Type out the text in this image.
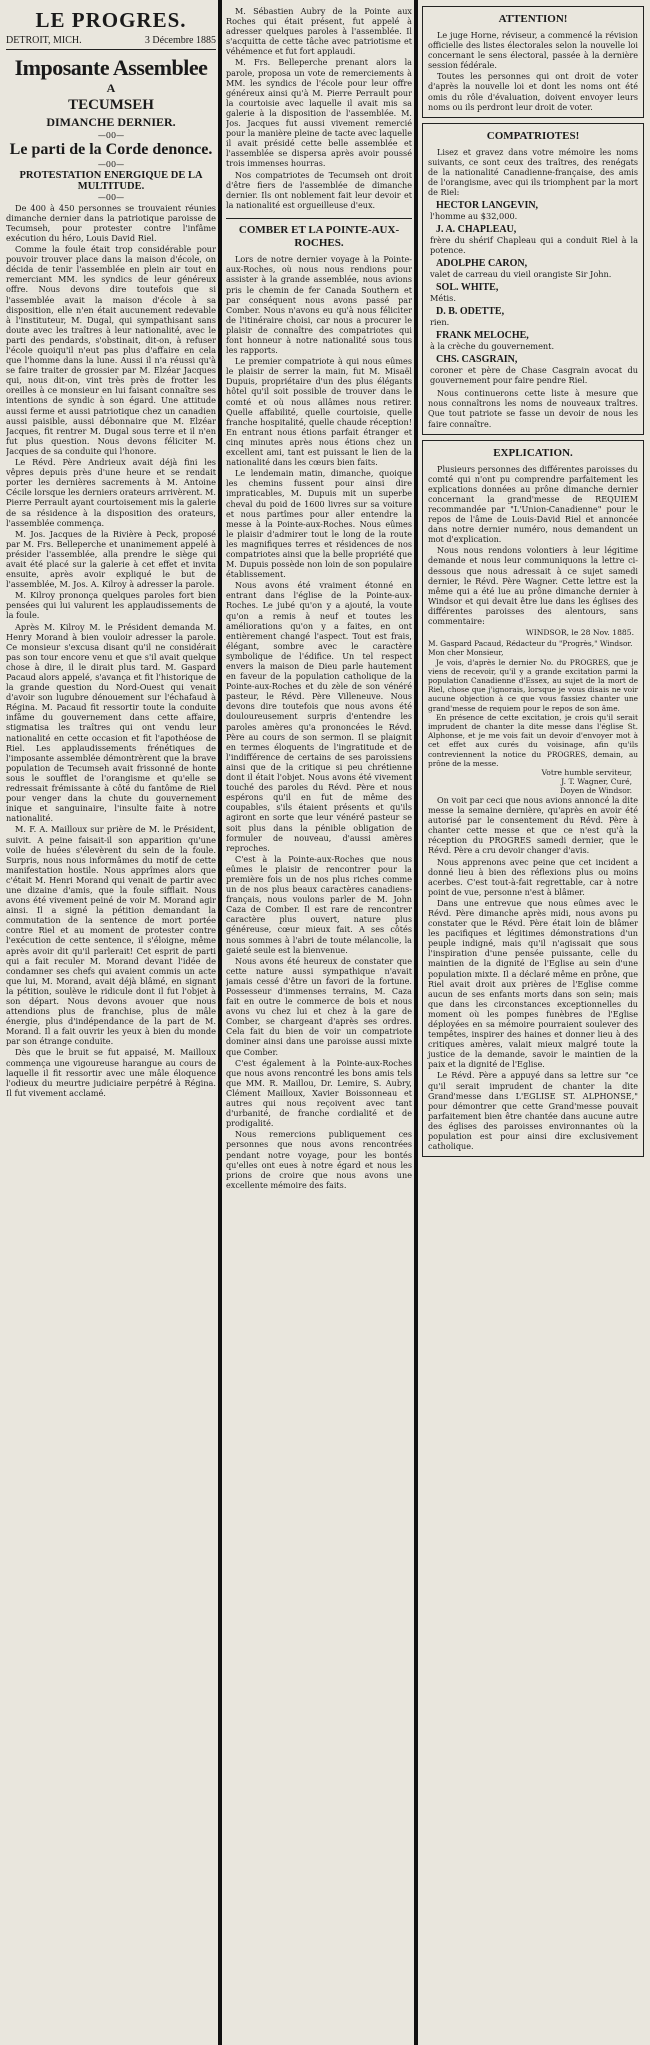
LE PROGRES.
DETROIT, MICH.	3 Décembre 1885
Imposante Assemblee
A
TECUMSEH
DIMANCHE DERNIER.
—00—
Le parti de la Corde denonce.
—00—
PROTESTATION ENERGIQUE DE LA MULTITUDE.
—00—

De 400 à 450 personnes se trouvaient réunies dimanche dernier dans la patriotique paroisse de Tecumseh, pour protester contre l'infâme exécution du héro, Louis David Riel.

Comme la foule était trop considérable pour pouvoir trouver place dans la maison d'école, on décida de tenir l'assemblée en plein air tout en remerciant MM. les syndics de leur généreux offre. Nous devons dire toutefois que si l'assemblée avait la maison d'école à sa disposition, elle n'en était aucunement redevable à l'instituteur, M. Dugal, qui sympathisant sans doute avec les traîtres à leur nationalité, avec le parti des pendards, s'obstinait, dit-on, à refuser l'école quoiqu'il n'eut pas plus d'affaire en cela que l'homme dans la lune. Aussi il n'a réussi qu'à se faire traiter de grossier par M. Elzéar Jacques qui, nous dit-on, vint très près de frotter les oreilles à ce monsieur en lui faisant connaître ses intentions de syndic à son égard. Une attitude aussi ferme et aussi patriotique chez un canadien aussi paisible, aussi débonnaire que M. Elzéar Jacques, fit rentrer M. Dugal sous terre et il n'en fut plus question. Nous devons féliciter M. Jacques de sa conduite qui l'honore.

Le Révd. Père Andrieux avait déjà fini les vêpres depuis près d'une heure et se rendait porter les dernières sacrements à M. Antoine Cécile lorsque les derniers orateurs arrivèrent. M. Pierre Perrault ayant courtoisement mis la galerie de sa résidence à la disposition des orateurs, l'assemblée commença.

M. Jos. Jacques de la Rivière à Peck, proposé par M. Frs. Belleperche et unanimement appelé à présider l'assemblée, alla prendre le siège qui avait été placé sur la galerie à cet effet et invita ensuite, après avoir expliqué le but de l'assemblée, M. Jos. A. Kilroy à adresser la parole.

M. Kilroy prononça quelques paroles fort bien pensées qui lui valurent les applaudissements de la foule.

Après M. Kilroy M. le Président demanda M. Henry Morand à bien vouloir adresser la parole. Ce monsieur s'excusa disant qu'il ne considérait pas son tour encore venu et que s'il avait quelque chose à dire, il le dirait plus tard. M. Gaspard Pacaud alors appelé, s'avança et fit l'historique de la grande question du Nord-Ouest qui venait d'avoir son lugubre dénouement sur l'échafaud à Régina. M. Pacaud fit ressortir toute la conduite infâme du gouvernement dans cette affaire, stigmatisa les traîtres qui ont vendu leur nationalité en cette occasion et fit l'apothéose de Riel. Les applaudissements frénétiques de l'imposante assemblée démontrèrent que la brave population de Tecumseh avait frissonné de honte sous le soufflet de l'orangisme et qu'elle se redressait frémissante à côté du fantôme de Riel pour venger dans la chute du gouvernement inique et sanguinaire, l'insulte faite à notre nationalité.

M. F. A. Mailloux sur prière de M. le Président, suivit. A peine faisait-il son apparition qu'une voile de huées s'élevèrent du sein de la foule. Surpris, nous nous informâmes du motif de cette manifestation hostile. Nous apprîmes alors que c'était M. Henri Morand qui venait de partir avec une dizaine d'amis, que la foule sifflait. Nous avons été vivement peiné de voir M. Morand agir ainsi. Il a signé la pétition demandant la commutation de la sentence de mort portée contre Riel et au moment de protester contre l'exécution de cette sentence, il s'éloigne, même après avoir dit qu'il parlerait! Cet esprit de parti qui a fait reculer M. Morand devant l'idée de condamner ses chefs qui avaient commis un acte que lui, M. Morand, avait déjà blâmé, en signant la pétition, soulève le ridicule dont il fut l'objet à son départ. Nous devons avouer que nous attendions plus de franchise, plus de mâle énergie, plus d'indépendance de la part de M. Morand. Il a fait ouvrir les yeux à bien du monde par son étrange conduite.

Dès que le bruit se fut appaisé, M. Mailloux commença une vigoureuse harangue au cours de laquelle il fit ressortir avec une mâle éloquence l'odieux du meurtre judiciaire perpétré à Régina. Il fut vivement acclamé.

M. Sébastien Aubry de la Pointe aux Roches qui était présent, fut appelé à adresser quelques paroles à l'assemblée. Il s'acquitta de cette tâche avec patriotisme et véhémence et fut fort applaudi.

M. Frs. Belleperche prenant alors la parole, proposa un vote de remerciements à MM. les syndics de l'école pour leur offre généreux ainsi qu'à M. Pierre Perrault pour la courtoisie avec laquelle il avait mis sa galerie à la disposition de l'assemblée. M. Jos. Jacques fut aussi vivement remercié pour la manière pleine de tacte avec laquelle il avait présidé cette belle assemblée et l'assemblée se dispersa après avoir poussé trois immenses hourras.

Nos compatriotes de Tecumseh ont droit d'être fiers de l'assemblée de dimanche dernier. Ils ont noblement fait leur devoir et la nationalité est orgueilleuse d'eux.

COMBER ET LA POINTE-AUX-ROCHES.

Lors de notre dernier voyage à la Pointe-aux-Roches, où nous nous rendions pour assister à la grande assemblée, nous avions pris le chemin de fer Canada Southern et par conséquent nous avons passé par Comber. Nous n'avons eu qu'à nous féliciter de l'itinéraire choisi, car nous a procurer le plaisir de connaître des compatriotes qui font honneur à notre nationalité sous tous les rapports.

Le premier compatriote à qui nous eûmes le plaisir de serrer la main, fut M. Misaël Dupuis, propriétaire d'un des plus élégants hôtel qu'il soit possible de trouver dans le comté et où nous allâmes nous retirer. Quelle affabilité, quelle courtoisie, quelle franche hospitalité, quelle chaude réception! En entrant nous étions parfait étranger et cinq minutes après nous étions chez un excellent ami, tant est puissant le lien de la nationalité dans les cœurs bien faits.

Le lendemain matin, dimanche, quoique les chemins fussent pour ainsi dire impraticables, M. Dupuis mit un superbe cheval du poid de 1600 livres sur sa voiture et nous partîmes pour aller entendre la messe à la Pointe-aux-Roches. Nous eûmes le plaisir d'admirer tout le long de la route les magnifiques terres et résidences de nos compatriotes ainsi que la belle propriété que M. Dupuis possède non loin de son populaire établissement.

Nous avons été vraiment étonné en entrant dans l'église de la Pointe-aux-Roches. Le jubé qu'on y a ajouté, la voute qu'on a remis à neuf et toutes les améliorations qu'on y a faites, en ont entièrement changé l'aspect. Tout est frais, élégant, sombre avec le caractère symbolique de l'édifice. Un tel respect envers la maison de Dieu parle hautement en faveur de la population catholique de la Pointe-aux-Roches et du zèle de son vénéré pasteur, le Révd. Père Villeneuve. Nous devons dire toutefois que nous avons été douloureusement surpris d'entendre les paroles amères qu'a prononcées le Révd. Père au cours de son sermon. Il se plaignit en termes éloquents de l'ingratitude et de l'indifférence de certains de ses paroissiens ainsi que de la critique si peu chrétienne dont il était l'objet. Nous avons été vivement touché des paroles du Révd. Père et nous espérons qu'il en fut de même des coupables, s'ils étaient présents et qu'ils agiront en sorte que leur vénéré pasteur se soit plus dans la pénible obligation de formuler de nouveau, d'aussi amères reproches.

C'est à la Pointe-aux-Roches que nous eûmes le plaisir de rencontrer pour la première fois un de nos plus riches comme un de nos plus beaux caractères canadiens-français, nous voulons parler de M. John Caza de Comber. Il est rare de rencontrer caractère plus ouvert, nature plus généreuse, cœur mieux fait. A ses côtés nous sommes à l'abri de toute mélancolie, la gaieté seule est la bienvenue.

Nous avons été heureux de constater que cette nature aussi sympathique n'avait jamais cessé d'être un favori de la fortune. Possesseur d'immenses terrains, M. Caza fait en outre le commerce de bois et nous avons vu chez lui et chez à la gare de Comber, se chargeant d'après ses ordres. Cela fait du bien de voir un compatriote dominer ainsi dans une paroisse aussi mixte que Comber.

C'est également à la Pointe-aux-Roches que nous avons rencontré les bons amis tels que MM. R. Maillou, Dr. Lemire, S. Aubry, Clément Mailloux, Xavier Boissonneau et autres qui nous reçoivent avec tant d'urbanité, de franche cordialité et de prodigalité.

Nous remercions publiquement ces personnes que nous avons rencontrées pendant notre voyage, pour les bontés qu'elles ont eues à notre égard et nous les prions de croire que nous avons une excellente mémoire des faits.

ATTENTION!

Le juge Horne, réviseur, a commencé la révision officielle des listes électorales selon la nouvelle loi concernant le sens électoral, passée à la dernière session fédérale.

Toutes les personnes qui ont droit de voter d'après la nouvelle loi et dont les noms ont été omis du rôle d'évaluation, doivent envoyer leurs noms ou ils perdront leur droit de voter.

COMPATRIOTES!

Lisez et gravez dans votre mémoire les noms suivants, ce sont ceux des traîtres, des renégats de la nationalité Canadienne-française, des amis de l'orangisme, avec qui ils triomphent par la mort de Riel:

HECTOR LANGEVIN,
l'homme au $32,000.
J. A. CHAPLEAU,
frère du shérif Chapleau qui a conduit Riel à la potence.
ADOLPHE CARON,
valet de carreau du vieil orangiste Sir John.
SOL. WHITE,
Métis.
D. B. ODETTE,
rien.
FRANK MELOCHE,
à la crèche du gouvernement.
CHS. CASGRAIN,
coroner et père de Chase Casgrain avocat du gouvernement pour faire pendre Riel.

Nous continuerons cette liste à mesure que nous connaîtrons les noms de nouveaux traîtres. Que tout patriote se fasse un devoir de nous les faire connaître.

EXPLICATION.

Plusieurs personnes des différentes paroisses du comté qui n'ont pu comprendre parfaitement les explications données au prône dimanche dernier concernant la grand'messe de REQUIEM recommandée par "L'Union-Canadienne" pour le repos de l'âme de Louis-David Riel et annoncée dans notre dernier numéro, nous demandent un mot d'explication.

Nous nous rendons volontiers à leur légitime demande et nous leur communiquons la lettre ci-dessous que nous adressait à ce sujet samedi dernier, le Révd. Père Wagner. Cette lettre est la même qui a été lue au prône dimanche dernier à Windsor et qui devait être lue dans les églises des différentes paroisses des alentours, sans commentaire:

WINDSOR, le 28 Nov. 1885.

M. Gaspard Pacaud, Rédacteur du "Progrès," Windsor.

Mon cher Monsieur,

Je vois, d'après le dernier No. du PROGRES, que je viens de recevoir, qu'il y a grande excitation parmi la population Canadienne d'Essex, au sujet de la mort de Riel, chose que j'ignorais, lorsque je vous disais ne voir aucune objection à ce que vous fassiez chanter une grand'messe de requiem pour le repos de son âme.

En présence de cette excitation, je crois qu'il serait imprudent de chanter la dite messe dans l'église St. Alphonse, et je me vois fait un devoir d'envoyer mot à cet effet aux curés du voisinage, afin qu'ils contreviennent la notice du PROGRES, demain, au prône de la messe.

Votre humble serviteur,
J. T. Wagner, Curé,
Doyen de Windsor.

On voit par ceci que nous avions annoncé la dite messe la semaine dernière, qu'après en avoir été autorisé par le consentement du Révd. Père à chanter cette messe et que ce n'est qu'à la réception du PROGRES samedi dernier, que le Révd. Père a cru devoir changer d'avis.

Nous apprenons avec peine que cet incident a donné lieu à bien des réflexions plus ou moins acerbes. C'est tout-à-fait regrettable, car à notre point de vue, personne n'est à blâmer.

Dans une entrevue que nous eûmes avec le Révd. Père dimanche après midi, nous avons pu constater que le Révd. Père était loin de blâmer les pacifiques et légitimes démonstrations d'un peuple indigné, mais qu'il n'agissait que sous l'inspiration d'une pensée puissante, celle du maintien de la dignité de l'Eglise au sein d'une population mixte. Il a déclaré même en prône, que Riel avait droit aux prières de l'Eglise comme aucun de ses enfants morts dans son sein; mais que dans les circonstances exceptionnelles du moment où les pompes funèbres de l'Eglise déployées en sa mémoire pourraient soulever des tempêtes, inspirer des haines et donner lieu à des critiques amères, valait mieux malgré toute la justice de la demande, savoir le maintien de la paix et la dignité de l'Eglise.

Le Révd. Père a appuyé dans sa lettre sur "ce qu'il serait imprudent de chanter la dite Grand'messe dans L'EGLISE ST. ALPHONSE," pour démontrer que cette Grand'messe pouvait parfaitement bien être chantée dans aucune autre des églises des paroisses environnantes où la population est pour ainsi dire exclusivement catholique.
